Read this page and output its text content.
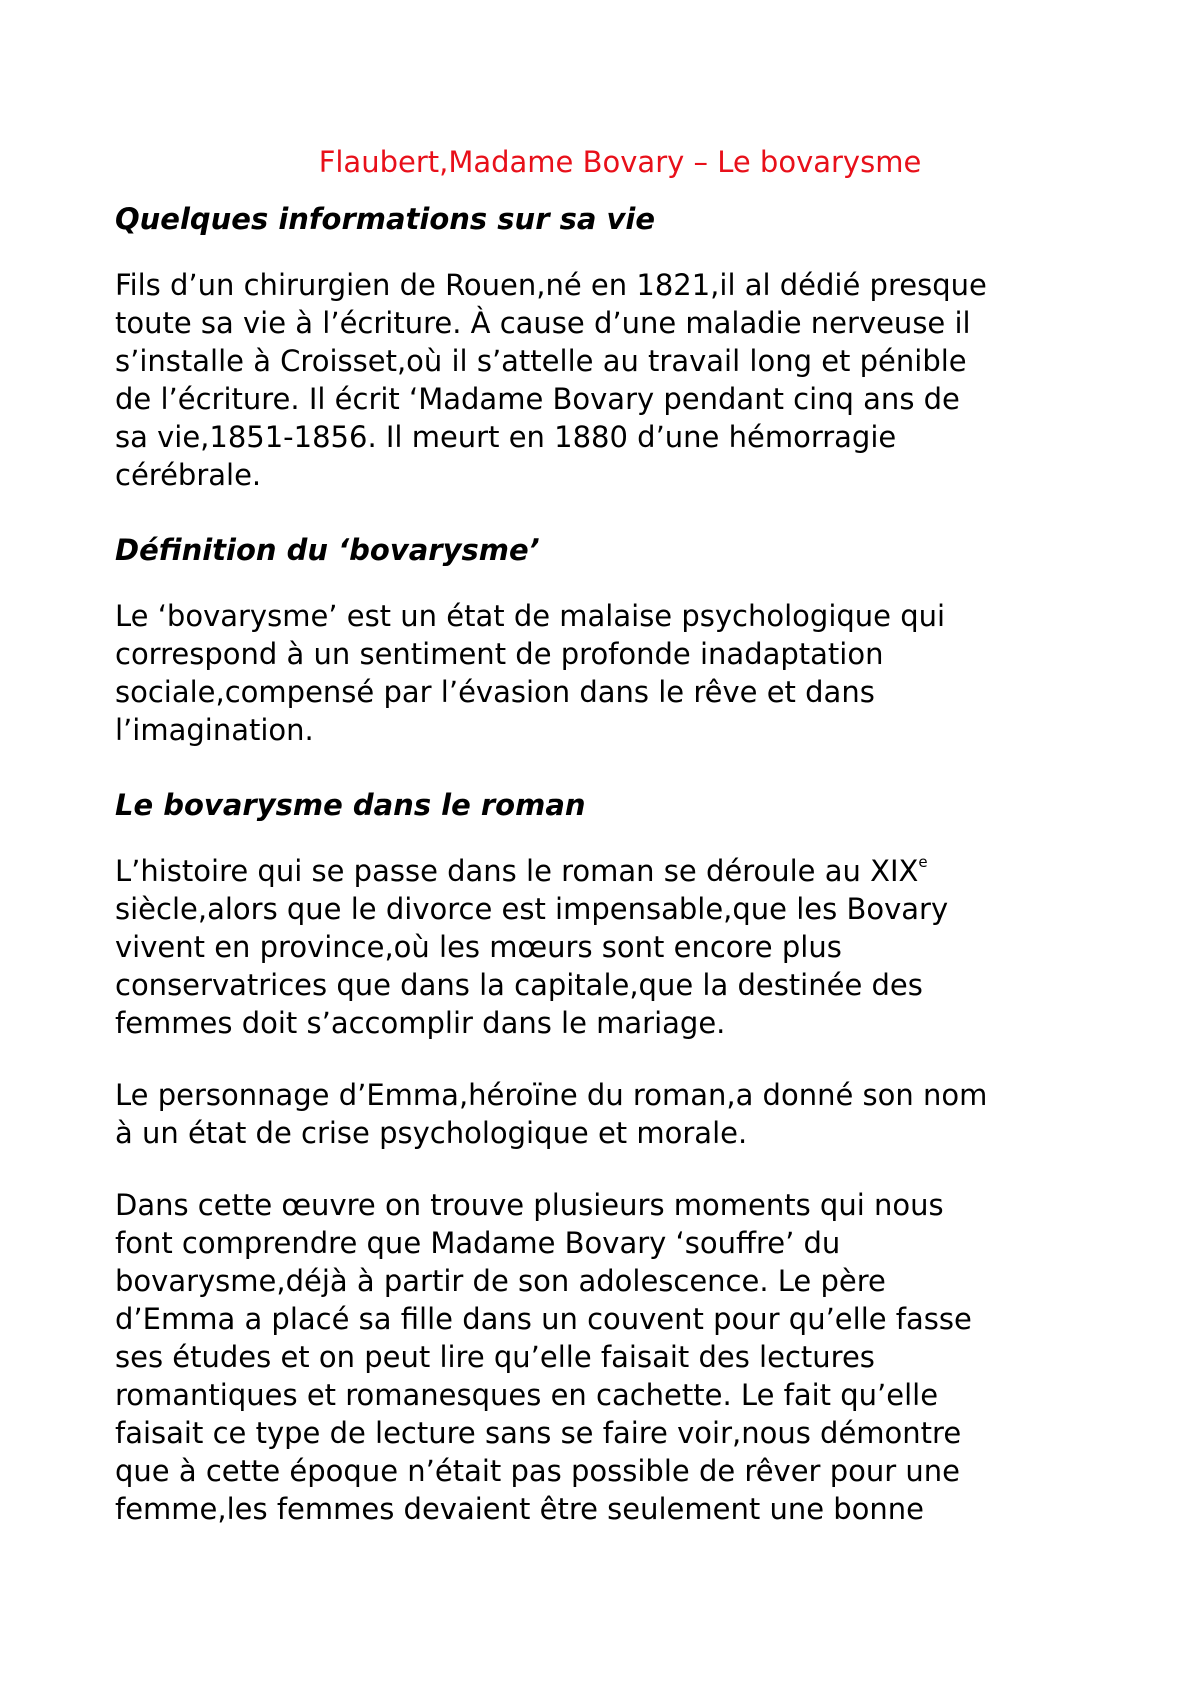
Flaubert,Madame Bovary – Le bovarysme
Quelques informations sur sa vie
Fils d’un chirurgien de Rouen,né en 1821,il al dédié presque
toute sa vie à l’écriture. À cause d’une maladie nerveuse il
s’installe à Croisset,où il s’attelle au travail long et pénible
de l’écriture. Il écrit ‘Madame Bovary pendant cinq ans de
sa vie,1851-1856. Il meurt en 1880 d’une hémorragie
cérébrale.
Définition du ‘bovarysme’
Le ‘bovarysme’ est un état de malaise psychologique qui
correspond à un sentiment de profonde inadaptation
sociale,compensé par l’évasion dans le rêve et dans
l’imagination.
Le bovarysme dans le roman
L’histoire qui se passe dans le roman se déroule au XIXe
siècle,alors que le divorce est impensable,que les Bovary
vivent en province,où les mœurs sont encore plus
conservatrices que dans la capitale,que la destinée des
femmes doit s’accomplir dans le mariage.
Le personnage d’Emma,héroïne du roman,a donné son nom
à un état de crise psychologique et morale.
Dans cette œuvre on trouve plusieurs moments qui nous
font comprendre que Madame Bovary ‘souffre’ du
bovarysme,déjà à partir de son adolescence. Le père
d’Emma a placé sa fille dans un couvent pour qu’elle fasse
ses études et on peut lire qu’elle faisait des lectures
romantiques et romanesques en cachette. Le fait qu’elle
faisait ce type de lecture sans se faire voir,nous démontre
que à cette époque n’était pas possible de rêver pour une
femme,les femmes devaient être seulement une bonne
